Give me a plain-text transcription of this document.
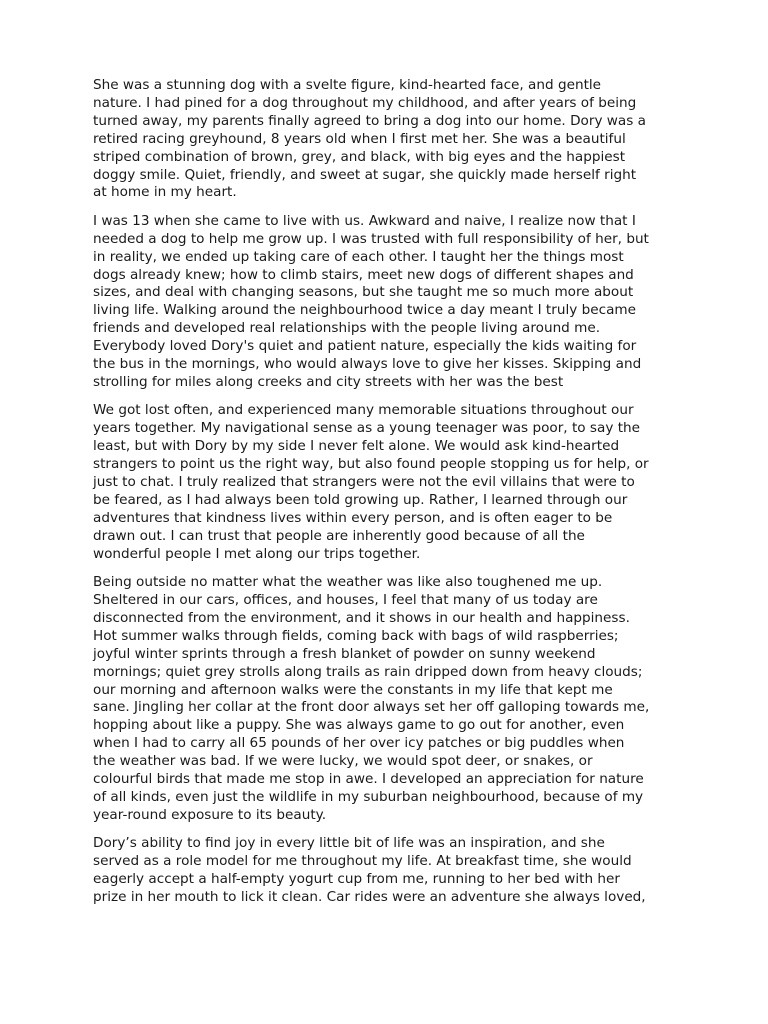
She was a stunning dog with a svelte figure, kind-hearted face, and gentle
nature. I had pined for a dog throughout my childhood, and after years of being
turned away, my parents finally agreed to bring a dog into our home. Dory was a
retired racing greyhound, 8 years old when I first met her. She was a beautiful
striped combination of brown, grey, and black, with big eyes and the happiest
doggy smile. Quiet, friendly, and sweet at sugar, she quickly made herself right
at home in my heart.

I was 13 when she came to live with us. Awkward and naive, I realize now that I
needed a dog to help me grow up. I was trusted with full responsibility of her, but
in reality, we ended up taking care of each other. I taught her the things most
dogs already knew; how to climb stairs, meet new dogs of different shapes and
sizes, and deal with changing seasons, but she taught me so much more about
living life. Walking around the neighbourhood twice a day meant I truly became
friends and developed real relationships with the people living around me.
Everybody loved Dory's quiet and patient nature, especially the kids waiting for
the bus in the mornings, who would always love to give her kisses. Skipping and
strolling for miles along creeks and city streets with her was the best

We got lost often, and experienced many memorable situations throughout our
years together. My navigational sense as a young teenager was poor, to say the
least, but with Dory by my side I never felt alone. We would ask kind-hearted
strangers to point us the right way, but also found people stopping us for help, or
just to chat. I truly realized that strangers were not the evil villains that were to
be feared, as I had always been told growing up. Rather, I learned through our
adventures that kindness lives within every person, and is often eager to be
drawn out. I can trust that people are inherently good because of all the
wonderful people I met along our trips together.

Being outside no matter what the weather was like also toughened me up.
Sheltered in our cars, offices, and houses, I feel that many of us today are
disconnected from the environment, and it shows in our health and happiness.
Hot summer walks through fields, coming back with bags of wild raspberries;
joyful winter sprints through a fresh blanket of powder on sunny weekend
mornings; quiet grey strolls along trails as rain dripped down from heavy clouds;
our morning and afternoon walks were the constants in my life that kept me
sane. Jingling her collar at the front door always set her off galloping towards me,
hopping about like a puppy. She was always game to go out for another, even
when I had to carry all 65 pounds of her over icy patches or big puddles when
the weather was bad. If we were lucky, we would spot deer, or snakes, or
colourful birds that made me stop in awe. I developed an appreciation for nature
of all kinds, even just the wildlife in my suburban neighbourhood, because of my
year-round exposure to its beauty.

Dory’s ability to find joy in every little bit of life was an inspiration, and she
served as a role model for me throughout my life. At breakfast time, she would
eagerly accept a half-empty yogurt cup from me, running to her bed with her
prize in her mouth to lick it clean. Car rides were an adventure she always loved,
